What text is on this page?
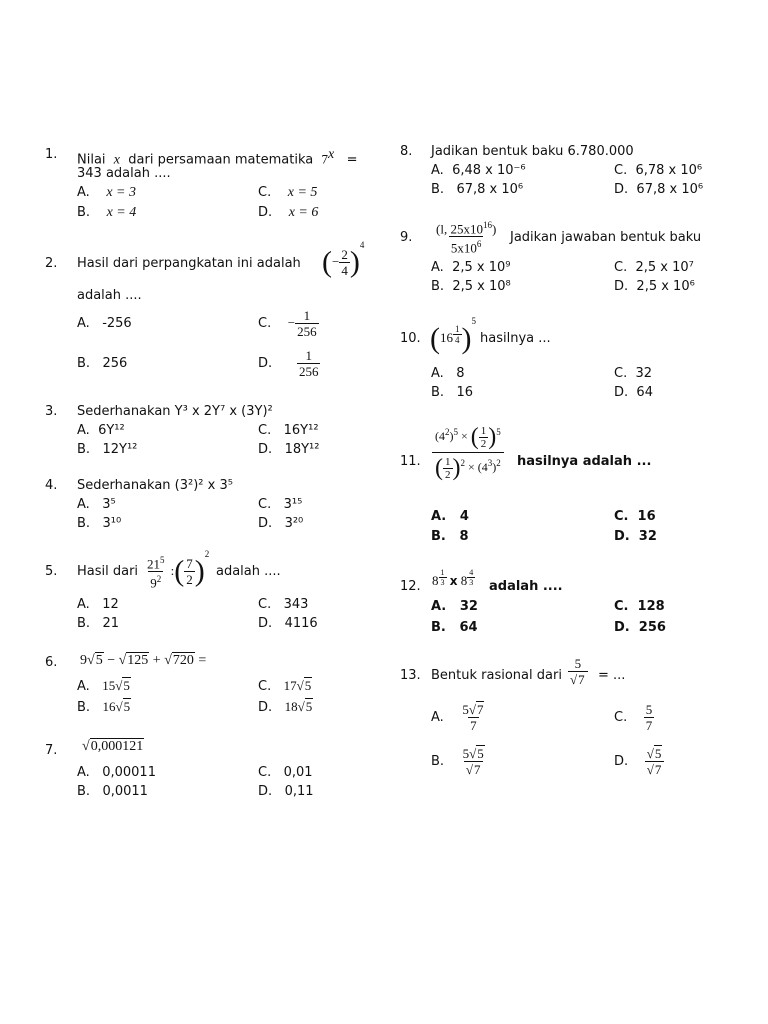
1. Nilai x dari persamaan matematika $7^x$ =
343 adalah ....
A. x = 3
B. x = 4
C. x = 5
D. x = 6
2. Hasil dari perpangkatan ini adalah (− $\frac{2}{4} )^4$
adalah ....
A. -256
B. 256
C. − $\frac{1}{256}$
D. $\frac{1}{256}$
3. Sederhanakan Y³ x 2Y⁷ x (3Y)²
A. 6Y¹²
B. 12Y¹²
C. 16Y¹²
D. 18Y¹²
4. Sederhanakan (3²)² x 3⁵
A. 3⁵
B. 3¹⁰
C. 3¹⁵
D. 3²⁰
5. Hasil dari $\frac{21^5}{9^2}$ :( $\frac{7}{2} )^2$
adalah ....
A. 12
B. 21
C. 343
D. 4116
6. 9√5 − √125 + √720 =
A. 15√5
B. 16√5
C. 17√5
D. 18√5
7. √0,000121
A. 0,00011
B. 0,0011
C. 0,01
D. 0,11
8. Jadikan bentuk baku 6.780.000
A. 6,48 x 10⁻⁶
B. 67,8 x 10⁶
C. 6,78 x 10⁶
D. 67,8 x 10⁶
9. $\frac{(l, 25x10^{16})}{5x10^6}$ Jadikan jawaban bentuk baku
A. 2,5 x 10⁹
B. 2,5 x 10⁸
C. 2,5 x 10⁷
D. 2,5 x 10⁶
10. $(16 \frac{1}{4} )^5$
hasilnya ...
A. 8
B. 16
C. 32
D. 64
11. $\frac{(4^2)^5 \times ( \frac{1}{2} )^5}{( \frac{1}{2} )^2 \times (4^3)^2}$ hasilnya adalah ...
A. 4
B. 8
C. 16
D. 32
12. $8 \frac{1}{3}$ x $8 \frac{4}{3}$ adalah ....
A. 32
B. 64
C. 128
D. 256
13. Bentuk rasional dari $\frac{5}{√7}$ = ...
A. $\frac{5√7}{7}$
B. $\frac{5√5}{√7}$
C. $\frac{5}{7}$
D. $\frac{√5}{√7}$
